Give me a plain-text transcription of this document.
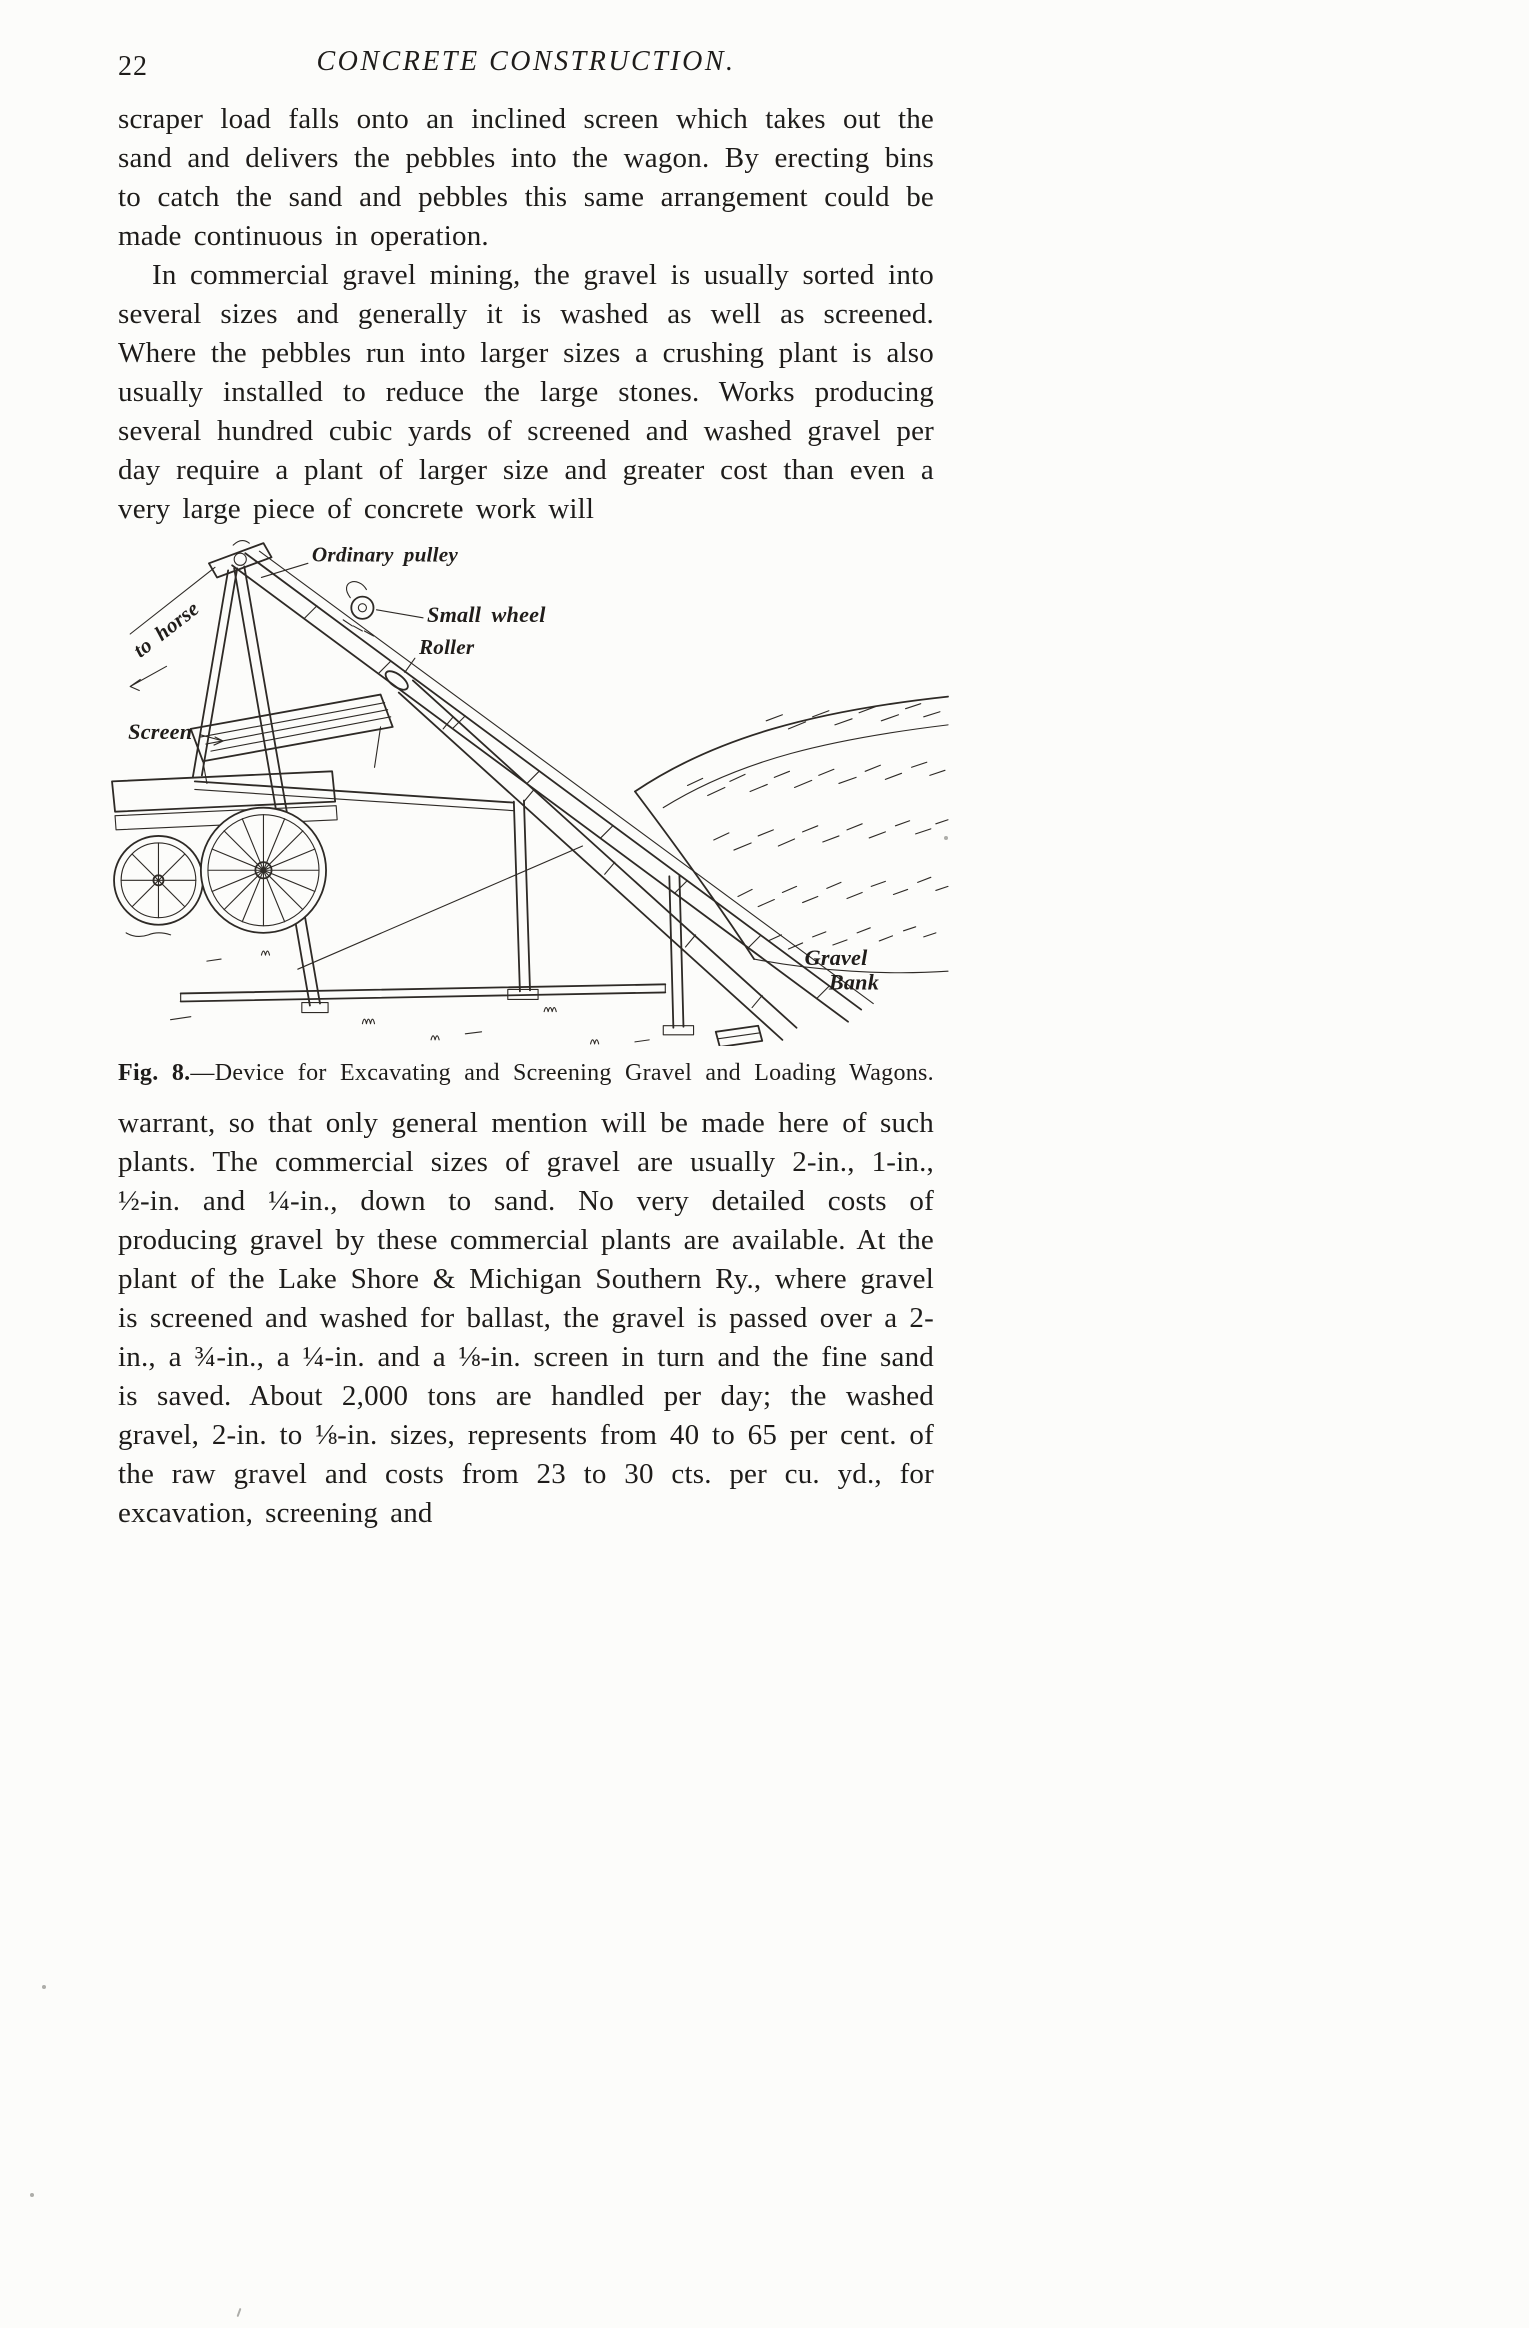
22	CONCRETE CONSTRUCTION.

scraper load falls onto an inclined screen which takes out the sand and delivers the pebbles into the wagon. By erecting bins to catch the sand and pebbles this same arrangement could be made continuous in operation.

In commercial gravel mining, the gravel is usually sorted into several sizes and generally it is washed as well as screened. Where the pebbles run into larger sizes a crushing plant is also usually installed to reduce the large stones. Works producing several hundred cubic yards of screened and washed gravel per day require a plant of larger size and greater cost than even a very large piece of concrete work will

Ordinary pulley
Small wheel
Roller
Screen
to horse
Gravel
Bank
Fig. 8.—Device for Excavating and Screening Gravel and Loading Wagons.

warrant, so that only general mention will be made here of such plants. The commercial sizes of gravel are usually 2-in., 1-in., ½-in. and ¼-in., down to sand. No very detailed costs of producing gravel by these commercial plants are available. At the plant of the Lake Shore & Michigan Southern Ry., where gravel is screened and washed for ballast, the gravel is passed over a 2-in., a ¾-in., a ¼-in. and a ⅛-in. screen in turn and the fine sand is saved. About 2,000 tons are handled per day; the washed gravel, 2-in. to ⅛-in. sizes, represents from 40 to 65 per cent. of the raw gravel and costs from 23 to 30 cts. per cu. yd., for excavation, screening and
